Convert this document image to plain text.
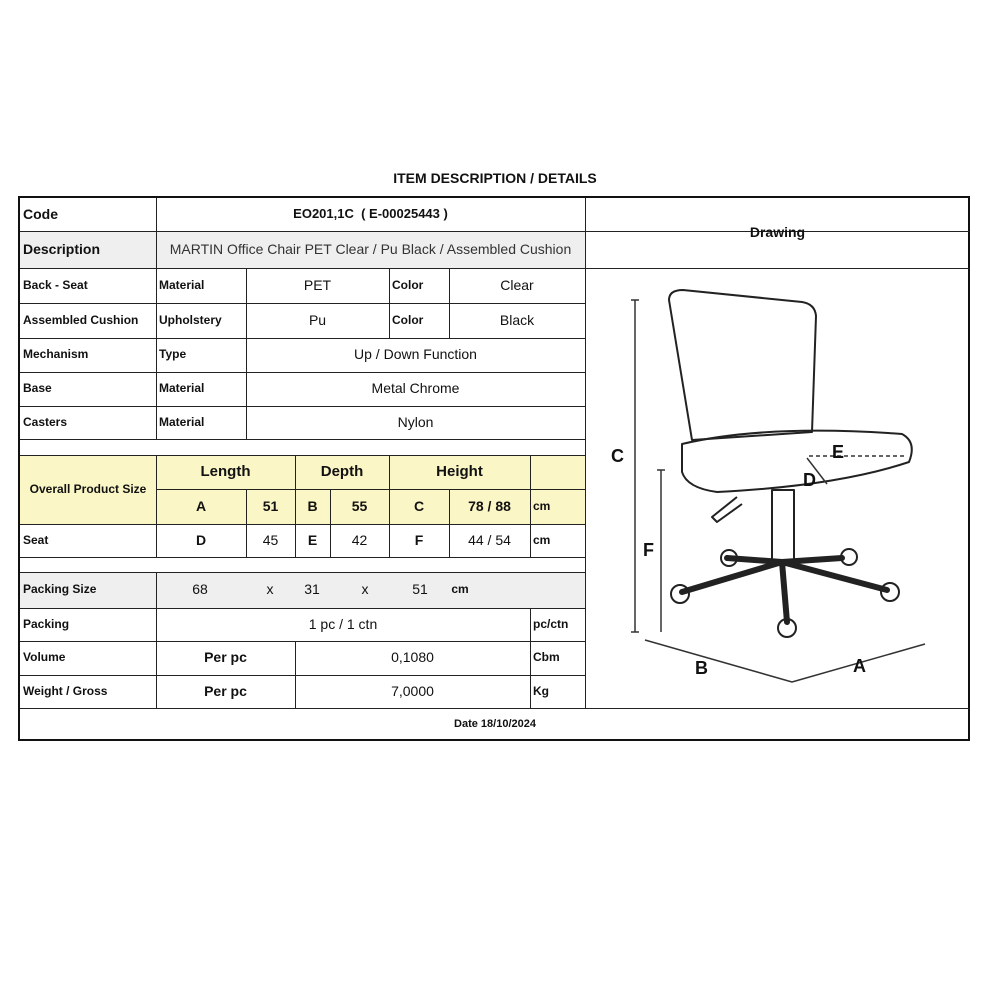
ITEM DESCRIPTION / DETAILS
Code	EO201,1C  ( E-00025443 )
Drawing
Description	MARTIN Office Chair PET Clear / Pu Black / Assembled Cushion
Back - Seat	Material	PET	Color	Clear
Assembled Cushion	Upholstery	Pu	Color	Black
Mechanism	Type	Up / Down Function
Base	Material	Metal Chrome
Casters	Material	Nylon
Overall Product Size
Length	Depth	Height
A	51	B	55	C	78 / 88	cm
Seat	D	45	E	42	F	44 / 54	cm
Packing Size	68	x	31	x	51	cm
Packing	1 pc / 1 ctn	pc/ctn
Volume	Per pc	0,1080	Cbm
Weight / Gross	Per pc	7,0000	Kg
Date 18/10/2024
C
F
B	A
E
D
